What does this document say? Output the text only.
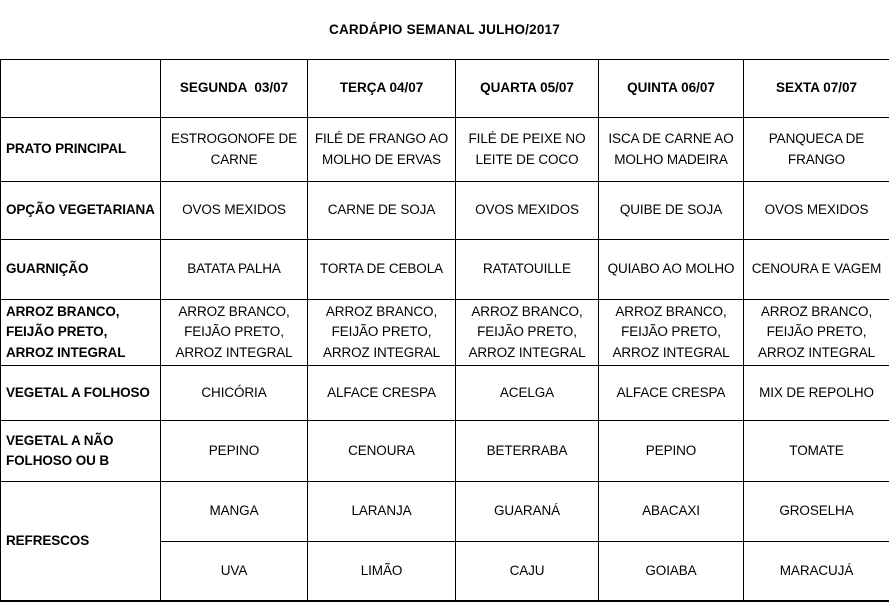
CARDÁPIO SEMANAL JULHO/2017
	SEGUNDA  03/07	TERÇA 04/07	QUARTA 05/07	QUINTA 06/07	SEXTA 07/07
PRATO PRINCIPAL	ESTROGONOFE DE CARNE	FILÉ DE FRANGO AO MOLHO DE ERVAS	FILÉ DE PEIXE NO LEITE DE COCO	ISCA DE CARNE AO MOLHO MADEIRA	PANQUECA DE FRANGO
OPÇÃO VEGETARIANA	OVOS MEXIDOS	CARNE DE SOJA	OVOS MEXIDOS	QUIBE DE SOJA	OVOS MEXIDOS
GUARNIÇÃO	BATATA PALHA	TORTA DE CEBOLA	RATATOUILLE	QUIABO AO MOLHO	CENOURA E VAGEM
ARROZ BRANCO, FEIJÃO PRETO, ARROZ INTEGRAL	ARROZ BRANCO, FEIJÃO PRETO, ARROZ INTEGRAL	ARROZ BRANCO, FEIJÃO PRETO, ARROZ INTEGRAL	ARROZ BRANCO, FEIJÃO PRETO, ARROZ INTEGRAL	ARROZ BRANCO, FEIJÃO PRETO, ARROZ INTEGRAL	ARROZ BRANCO, FEIJÃO PRETO, ARROZ INTEGRAL
VEGETAL A FOLHOSO	CHICÓRIA	ALFACE CRESPA	ACELGA	ALFACE CRESPA	MIX DE REPOLHO
VEGETAL A NÃO FOLHOSO OU B	PEPINO	CENOURA	BETERRABA	PEPINO	TOMATE
REFRESCOS	MANGA	LARANJA	GUARANÁ	ABACAXI	GROSELHA
	UVA	LIMÃO	CAJU	GOIABA	MARACUJÁ
